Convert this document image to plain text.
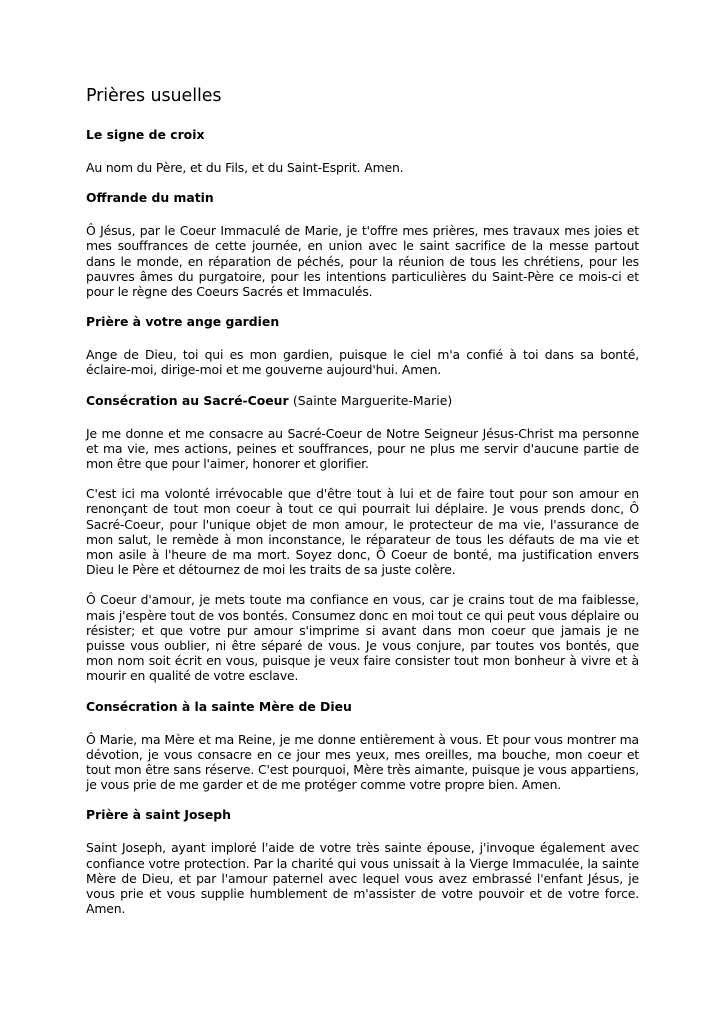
Prières usuelles
Le signe de croix

Au nom du Père, et du Fils, et du Saint-Esprit. Amen.

Offrande du matin

Ô Jésus, par le Coeur Immaculé de Marie, je t'offre mes prières, mes travaux mes joies et mes souffrances de cette journée, en union avec le saint sacrifice de la messe partout dans le monde, en réparation de péchés, pour la réunion de tous les chrétiens, pour les pauvres âmes du purgatoire, pour les intentions particulières du Saint-Père ce mois-ci et pour le règne des Coeurs Sacrés et Immaculés.

Prière à votre ange gardien

Ange de Dieu, toi qui es mon gardien, puisque le ciel m'a confié à toi dans sa bonté, éclaire-moi, dirige-moi et me gouverne aujourd'hui. Amen.

Consécration au Sacré-Coeur (Sainte Marguerite-Marie)

Je me donne et me consacre au Sacré-Coeur de Notre Seigneur Jésus-Christ ma personne et ma vie, mes actions, peines et souffrances, pour ne plus me servir d'aucune partie de mon être que pour l'aimer, honorer et glorifier.

C'est ici ma volonté irrévocable que d'être tout à lui et de faire tout pour son amour en renonçant de tout mon coeur à tout ce qui pourrait lui déplaire. Je vous prends donc, Ô Sacré-Coeur, pour l'unique objet de mon amour, le protecteur de ma vie, l'assurance de mon salut, le remède à mon inconstance, le réparateur de tous les défauts de ma vie et mon asile à l'heure de ma mort. Soyez donc, Ô Coeur de bonté, ma justification envers Dieu le Père et détournez de moi les traits de sa juste colère.

Ô Coeur d'amour, je mets toute ma confiance en vous, car je crains tout de ma faiblesse, mais j'espère tout de vos bontés. Consumez donc en moi tout ce qui peut vous déplaire ou résister; et que votre pur amour s'imprime si avant dans mon coeur que jamais je ne puisse vous oublier, ni être séparé de vous. Je vous conjure, par toutes vos bontés, que mon nom soit écrit en vous, puisque je veux faire consister tout mon bonheur à vivre et à mourir en qualité de votre esclave.

Consécration à la sainte Mère de Dieu

Ô Marie, ma Mère et ma Reine, je me donne entièrement à vous. Et pour vous montrer ma dévotion, je vous consacre en ce jour mes yeux, mes oreilles, ma bouche, mon coeur et tout mon être sans réserve. C'est pourquoi, Mère très aimante, puisque je vous appartiens, je vous prie de me garder et de me protéger comme votre propre bien. Amen.

Prière à saint Joseph

Saint Joseph, ayant imploré l'aide de votre très sainte épouse, j'invoque également avec confiance votre protection. Par la charité qui vous unissait à la Vierge Immaculée, la sainte Mère de Dieu, et par l'amour paternel avec lequel vous avez embrassé l'enfant Jésus, je vous prie et vous supplie humblement de m'assister de votre pouvoir et de votre force. Amen.
